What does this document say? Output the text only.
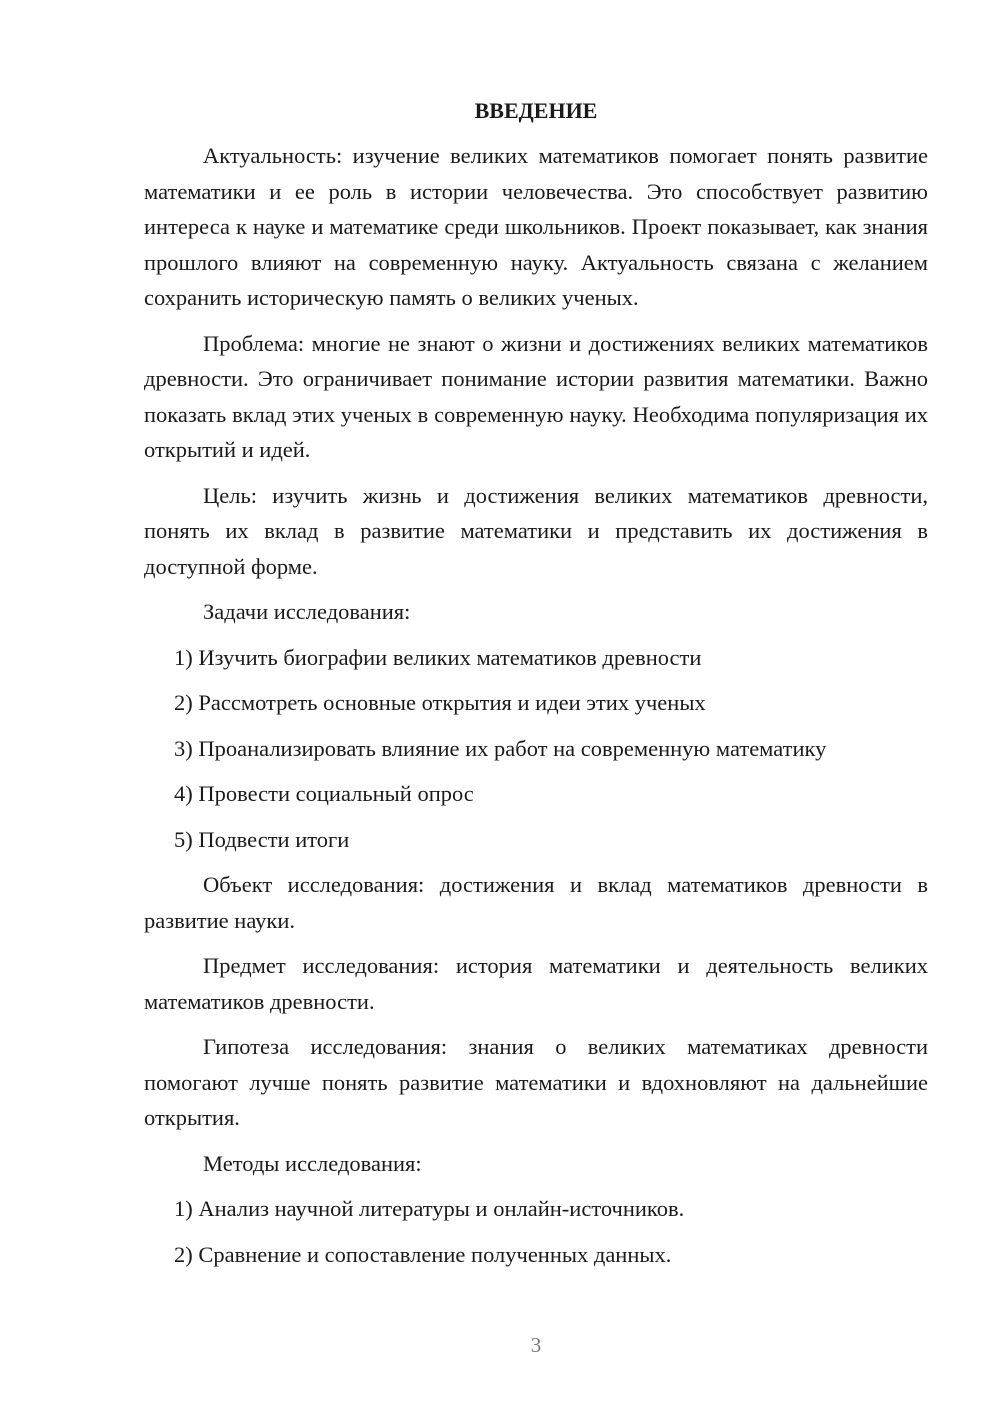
ВВЕДЕНИЕ

Актуальность: изучение великих математиков помогает понять развитие математики и ее роль в истории человечества. Это способствует развитию интереса к науке и математике среди школьников. Проект показывает, как знания прошлого влияют на современную науку. Актуальность связана с желанием сохранить историческую память о великих ученых.

Проблема: многие не знают о жизни и достижениях великих математиков древности. Это ограничивает понимание истории развития математики. Важно показать вклад этих ученых в современную науку. Необходима популяризация их открытий и идей.

Цель: изучить жизнь и достижения великих математиков древности, понять их вклад в развитие математики и представить их достижения в доступной форме.

Задачи исследования:

1) Изучить биографии великих математиков древности
2) Рассмотреть основные открытия и идеи этих ученых
3) Проанализировать влияние их работ на современную математику
4) Провести социальный опрос
5) Подвести итоги

Объект исследования: достижения и вклад математиков древности в развитие науки.

Предмет исследования: история математики и деятельность великих математиков древности.

Гипотеза исследования: знания о великих математиках древности помогают лучше понять развитие математики и вдохновляют на дальнейшие открытия.

Методы исследования:

1) Анализ научной литературы и онлайн-источников.
2) Сравнение и сопоставление полученных данных.
3
